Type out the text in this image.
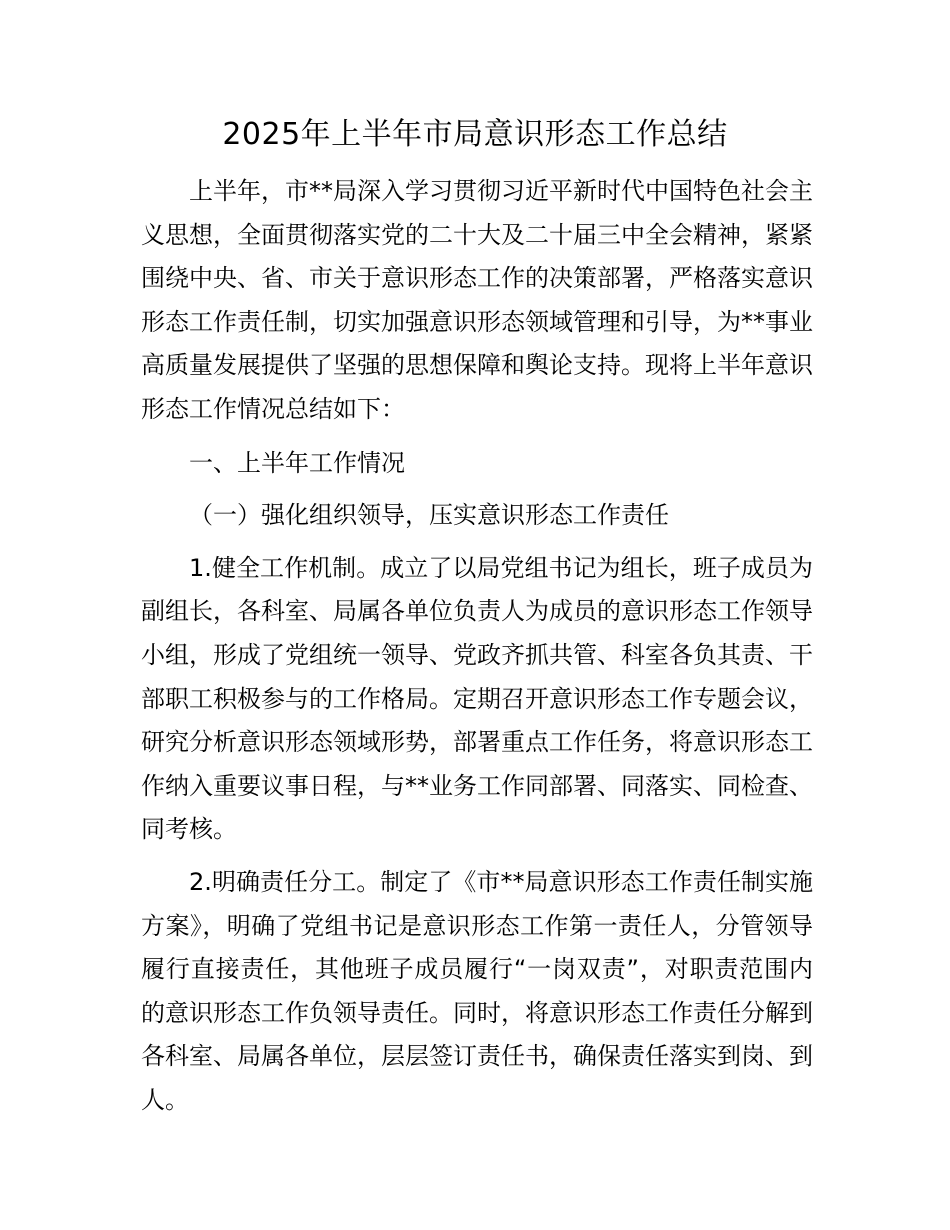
2025年上半年市局意识形态工作总结

上半年，市**局深入学习贯彻习近平新时代中国特色社会主义思想，全面贯彻落实党的二十大及二十届三中全会精神，紧紧围绕中央、省、市关于意识形态工作的决策部署，严格落实意识形态工作责任制，切实加强意识形态领域管理和引导，为**事业高质量发展提供了坚强的思想保障和舆论支持。现将上半年意识形态工作情况总结如下：

一、上半年工作情况

（一）强化组织领导，压实意识形态工作责任

1.健全工作机制。成立了以局党组书记为组长，班子成员为副组长，各科室、局属各单位负责人为成员的意识形态工作领导小组，形成了党组统一领导、党政齐抓共管、科室各负其责、干部职工积极参与的工作格局。定期召开意识形态工作专题会议，研究分析意识形态领域形势，部署重点工作任务，将意识形态工作纳入重要议事日程，与**业务工作同部署、同落实、同检查、同考核。

2.明确责任分工。制定了《市**局意识形态工作责任制实施方案》，明确了党组书记是意识形态工作第一责任人，分管领导履行直接责任，其他班子成员履行“一岗双责”，对职责范围内的意识形态工作负领导责任。同时，将意识形态工作责任分解到各科室、局属各单位，层层签订责任书，确保责任落实到岗、到人。
